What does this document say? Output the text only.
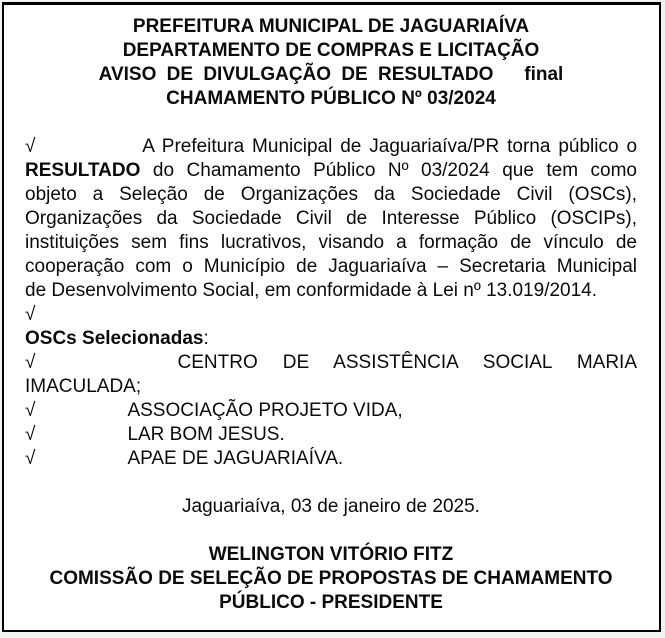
PREFEITURA MUNICIPAL DE JAGUARIAÍVA
DEPARTAMENTO DE COMPRAS E LICITAÇÃO
AVISO DE DIVULGAÇÃO DE RESULTADO   final
CHAMAMENTO PÚBLICO Nº 03/2024
√	A Prefeitura Municipal de Jaguariaíva/PR torna público o
RESULTADO do Chamamento Público Nº 03/2024 que tem como
objeto a Seleção de Organizações da Sociedade Civil (OSCs),
Organizações da Sociedade Civil de Interesse Público (OSCIPs),
instituições sem fins lucrativos, visando a formação de vínculo de
cooperação com o Município de Jaguariaíva – Secretaria Municipal
de Desenvolvimento Social, em conformidade à Lei nº 13.019/2014.
√
OSCs Selecionadas:
√	CENTRO DE ASSISTÊNCIA SOCIAL MARIA
IMACULADA;
√	ASSOCIAÇÃO PROJETO VIDA,
√	LAR BOM JESUS.
√	APAE DE JAGUARIAÍVA.
Jaguariaíva, 03 de janeiro de 2025.
WELINGTON VITÓRIO FITZ
COMISSÃO DE SELEÇÃO DE PROPOSTAS DE CHAMAMENTO
PÚBLICO - PRESIDENTE
